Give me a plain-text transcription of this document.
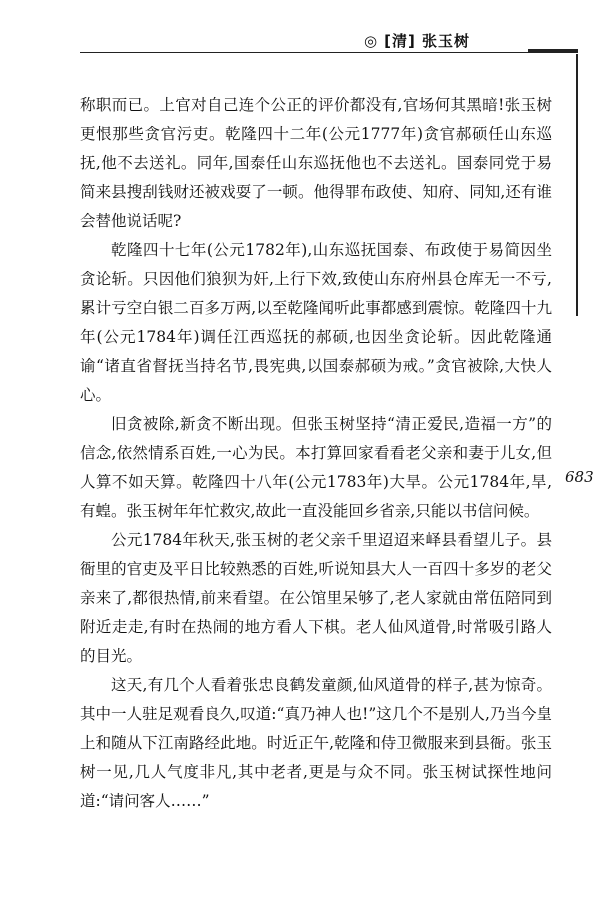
◎ [清] 张玉树
683

称职而已。上官对自己连个公正的评价都没有,官场何其黑暗!张玉树更恨那些贪官污吏。乾隆四十二年(公元1777年)贪官郝硕任山东巡抚,他不去送礼。同年,国泰任山东巡抚他也不去送礼。国泰同党于易简来县搜刮钱财还被戏耍了一顿。他得罪布政使、知府、同知,还有谁会替他说话呢?

乾隆四十七年(公元1782年),山东巡抚国泰、布政使于易简因坐贪论斩。只因他们狼狈为奸,上行下效,致使山东府州县仓库无一不亏,累计亏空白银二百多万两,以至乾隆闻听此事都感到震惊。乾隆四十九年(公元1784年)调任江西巡抚的郝硕,也因坐贪论斩。因此乾隆通谕“诸直省督抚当持名节,畏宪典,以国泰郝硕为戒。”贪官被除,大快人心。

旧贪被除,新贪不断出现。但张玉树坚持“清正爱民,造福一方”的信念,依然情系百姓,一心为民。本打算回家看看老父亲和妻于儿女,但人算不如天算。乾隆四十八年(公元1783年)大旱。公元1784年,旱,有蝗。张玉树年年忙救灾,故此一直没能回乡省亲,只能以书信问候。

公元1784年秋天,张玉树的老父亲千里迢迢来峄县看望儿子。县衙里的官吏及平日比较熟悉的百姓,听说知县大人一百四十多岁的老父亲来了,都很热情,前来看望。在公馆里呆够了,老人家就由常伍陪同到附近走走,有时在热闹的地方看人下棋。老人仙风道骨,时常吸引路人的目光。

这天,有几个人看着张忠良鹤发童颜,仙风道骨的样子,甚为惊奇。其中一人驻足观看良久,叹道:“真乃神人也!”这几个不是别人,乃当今皇上和随从下江南路经此地。时近正午,乾隆和侍卫微服来到县衙。张玉树一见,几人气度非凡,其中老者,更是与众不同。张玉树试探性地问道:“请问客人……”
